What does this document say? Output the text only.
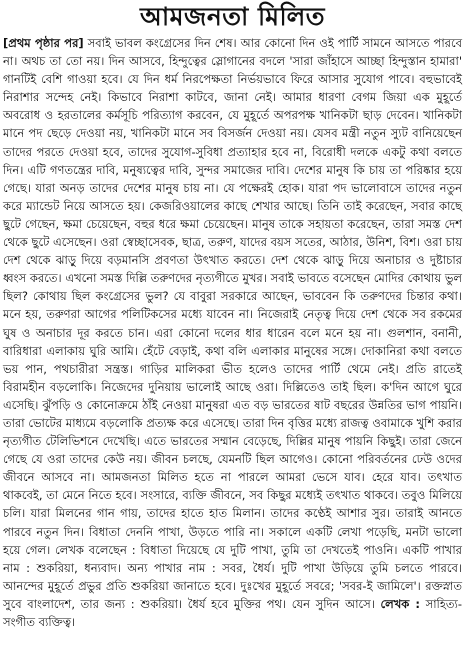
আমজনতা মিলিত
[প্রথম পৃষ্ঠার পর] সবাই ভাবল কংগ্রেসের দিন শেষ। আর কোনো দিন ওই পার্টি সামনে আসতে পারবে না। অথচ তা তো নয়। দিন আসবে, হিন্দুত্বের স্লোগানের বদলে 'সারা জাঁহাসে আচ্ছা হিন্দুস্তান হামারা' গানটিই বেশি গাওয়া হবে। যে দিন ধর্ম নিরপেক্ষতা নির্ভয়ভাবে ফিরে আসার সুযোগ পাবে। বহুভাবেই নিরাশার সন্দেহ নেই। কিভাবে নিরাশা কাটবে, জানা নেই। আমার ধারণা বেগম জিয়া এক মুহূর্তে অবরোধ ও হরতালের কর্মসূচি পরিত্যাগ করবেন, যে মুহূর্তে অপরপক্ষ খানিকটা ছাড় দেবেন। খানিকটা মানে পদ ছেড়ে দেওয়া নয়, খানিকটা মানে সব বিসর্জন দেওয়া নয়। যেসব মন্ত্রী নতুন স্যুট বানিয়েছেন তাদের পরতে দেওয়া হবে, তাদের সুযোগ-সুবিধা প্রত্যাহার হবে না, বিরোধী দলকে একটু কথা বলতে দিন। এটি গণতন্ত্রের দাবি, মনুষ্যত্বের দাবি, সুন্দর সমাজের দাবি। দেশের মানুষ কি চায় তা পরিষ্কার হয়ে গেছে। যারা অনড় তাদের দেশের মানুষ চায় না। যে পক্ষেরই হোক। যারা পদ ভালোবাসে তাদের নতুন করে ম্যান্ডেট নিয়ে আসতে হয়। কেজরিওয়ালের কাছে শেখার আছে। তিনি তাই করেছেন, সবার কাছে ছুটে গেছেন, ক্ষমা চেয়েছেন, বহুর ধরে ক্ষমা চেয়েছেন। মানুষ তাকে সহায়তা করেছেন, তারা সমস্ত দেশ থেকে ছুটে এসেছেন। ওরা স্বেচ্ছাসেবক, ছাত্র, তরুণ, যাদের বয়স সতের, আঠার, উনিশ, বিশ। ওরা চায় দেশ থেকে ঝাড়ু দিয়ে বড়মানসি প্রবণতা উৎখাত করতে। দেশ থেকে ঝাড়ু দিয়ে অনাচার ও দুষ্টাচার ধ্বংস করতে। এখনো সমস্ত দিল্লি তরুণদের নৃত্যগীতে মুখর। সবাই ভাবতে বসেছেন মোদির কোথায় ভুল ছিল? কোথায় ছিল কংগ্রেসের ভুল? যে বাবুরা সরকারে আছেন, ভাববেন কি তরুণদের চিন্তার কথা। মনে হয়, তরুণরা আগের পলিটিকসের মধ্যে যাবেন না। নিজেরাই নেতৃত্ব দিয়ে দেশ থেকে সব রকমের ঘুষ ও অনাচার দূর করতে চান। এরা কোনো দলের ধার ধারেন বলে মনে হয় না। গুলশান, বনানী, বারিধারা এলাকায় ঘুরি আমি। হেঁটে বেড়াই, কথা বলি এলাকার মানুষের সঙ্গে। দোকানিরা কথা বলতে ভয় পান, পথচারীরা সন্ত্রস্ত। গাড়ির মালিকরা ভীত হলেও তাদের পার্টি থেমে নেই। প্রতি রাতেই বিরামহীন বড়লোকি। নিজেদের দুনিয়ায় ভালোই আছে ওরা। দিল্লিতেও তাই ছিল। ক'দিন আগে ঘুরে এসেছি। ঝুঁপড়ি ও কোনোক্রমে ঠাঁই নেওয়া মানুষরা এত বড় ভারতের ষাট বছরের উন্নতির ভাগ পায়নি। তারা ভোটের মাধ্যমে বড়লোকি প্রত্যক্ষ করে এসেছে। তারা দিন বৃত্তির মধ্যে রাজত্ব ওবামাকে খুশি করার নৃত্যগীত টেলিভিশনে দেখেছি। এতে ভারতের সম্মান বেড়েছে, দিল্লির মানুষ পায়নি কিছুই। তারা জেনে গেছে যে ওরা তাদের কেউ নয়। জীবন চলছে, যেমনটি ছিল আগেও। কোনো পরিবর্তনের ঢেউ ওদের জীবনে আসবে না। আমজনতা মিলিত হতে না পারলে আমরা ভেসে যাব। হেরে যাব। তৎখাত থাকবেই, তা মেনে নিতে হবে। সংসারে, ব্যক্তি জীবনে, সব কিছুর মধ্যেই তৎখাত থাকবে। তবুও মিলিয়ে চলি। যারা মিলনের গান গায়, তাদের হাতে হাত মিলান। তাদের কণ্ঠেই আশার সুর। তারাই আনতে পারবে নতুন দিন। বিধাতা দেননি পাখা, উড়তে পারি না। সকালে একটি লেখা পড়েছি, মনটা ভালো হয়ে গেল। লেখক বলেছেন : বিধাতা দিয়েছে যে দুটি পাখা, তুমি তা দেখতেই পাওনি। একটি পাখার নাম : শুকরিয়া, ধন্যবাদ। অন্য পাখার নাম : সবর, ধৈর্য। দুটি পাখা উড়িয়ে তুমি চলতে পারবে। আনন্দের মুহূর্তে প্রভুর প্রতি শুকরিয়া জানাতে হবে। দুঃখের মুহূর্তে সবরে; 'সবর-ই জামিলে'। রক্তস্নাত সুবে বাংলাদেশ, তার জন্য : শুকরিয়া। ধৈর্য হবে মুক্তির পথ। যেন সুদিন আসে। লেখক : সাহিত্য-সংগীত ব্যক্তিত্ব।
